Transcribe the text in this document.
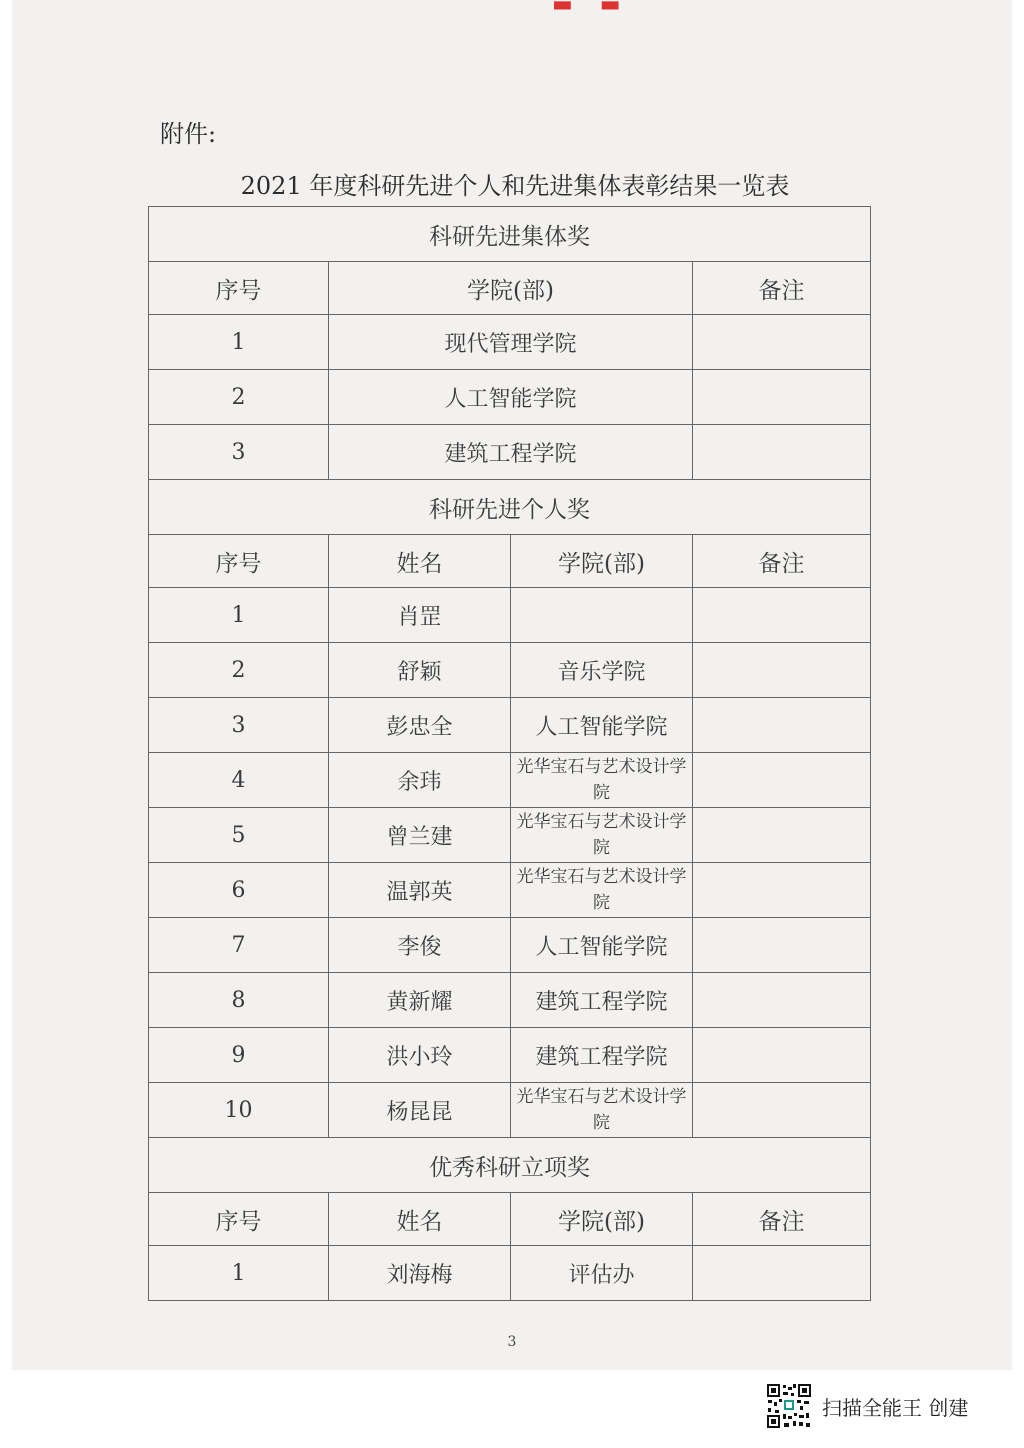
▬ ▬
附件:
2021 年度科研先进个人和先进集体表彰结果一览表
科研先进集体奖			
序号	学院(部)		备注
1	现代管理学院		
2	人工智能学院		
3	建筑工程学院		
科研先进个人奖			
序号	姓名	学院(部)	备注
1	肖罡		
2	舒颖	音乐学院	
3	彭忠全	人工智能学院	
4	余玮	光华宝石与艺术设计学院	
5	曾兰建	光华宝石与艺术设计学院	
6	温郭英	光华宝石与艺术设计学院	
7	李俊	人工智能学院	
8	黄新耀	建筑工程学院	
9	洪小玲	建筑工程学院	
10	杨昆昆	光华宝石与艺术设计学院	
优秀科研立项奖			
序号	姓名	学院(部)	备注
1	刘海梅	评估办	
3
扫描全能王 创建
